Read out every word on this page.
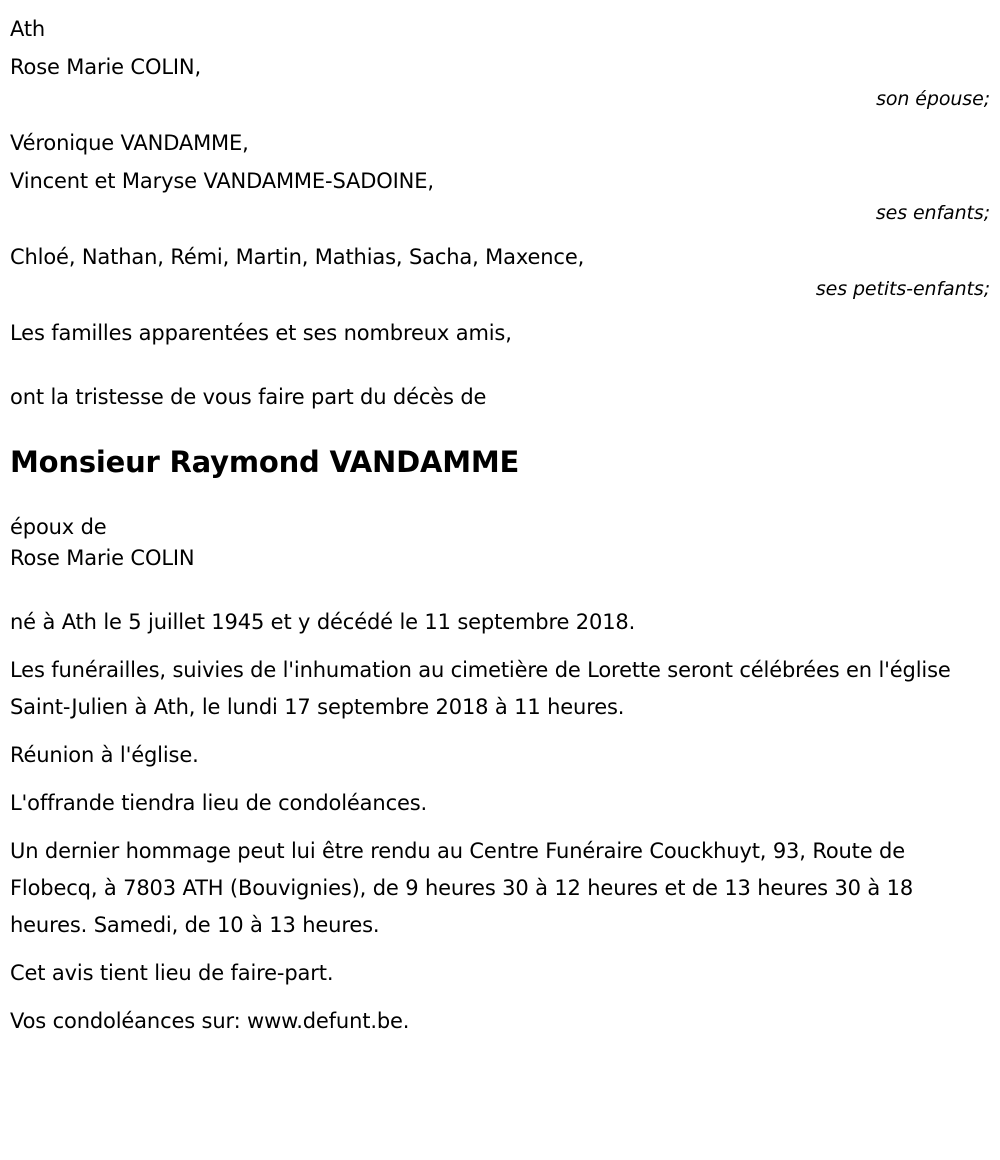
Ath
Rose Marie COLIN,
son épouse;
Véronique VANDAMME,
Vincent et Maryse VANDAMME-SADOINE,
ses enfants;
Chloé, Nathan, Rémi, Martin, Mathias, Sacha, Maxence,
ses petits-enfants;
Les familles apparentées et ses nombreux amis,
ont la tristesse de vous faire part du décès de
Monsieur Raymond VANDAMME
époux de
Rose Marie COLIN

né à Ath le 5 juillet 1945 et y décédé le 11 septembre 2018.

Les funérailles, suivies de l'inhumation au cimetière de Lorette seront célébrées en l'église Saint-Julien à Ath, le lundi 17 septembre 2018 à 11 heures.

Réunion à l'église.

L'offrande tiendra lieu de condoléances.

Un dernier hommage peut lui être rendu au Centre Funéraire Couckhuyt, 93, Route de Flobecq, à 7803 ATH (Bouvignies), de 9 heures 30 à 12 heures et de 13 heures 30 à 18 heures. Samedi, de 10 à 13 heures.

Cet avis tient lieu de faire-part.

Vos condoléances sur: www.defunt.be.
